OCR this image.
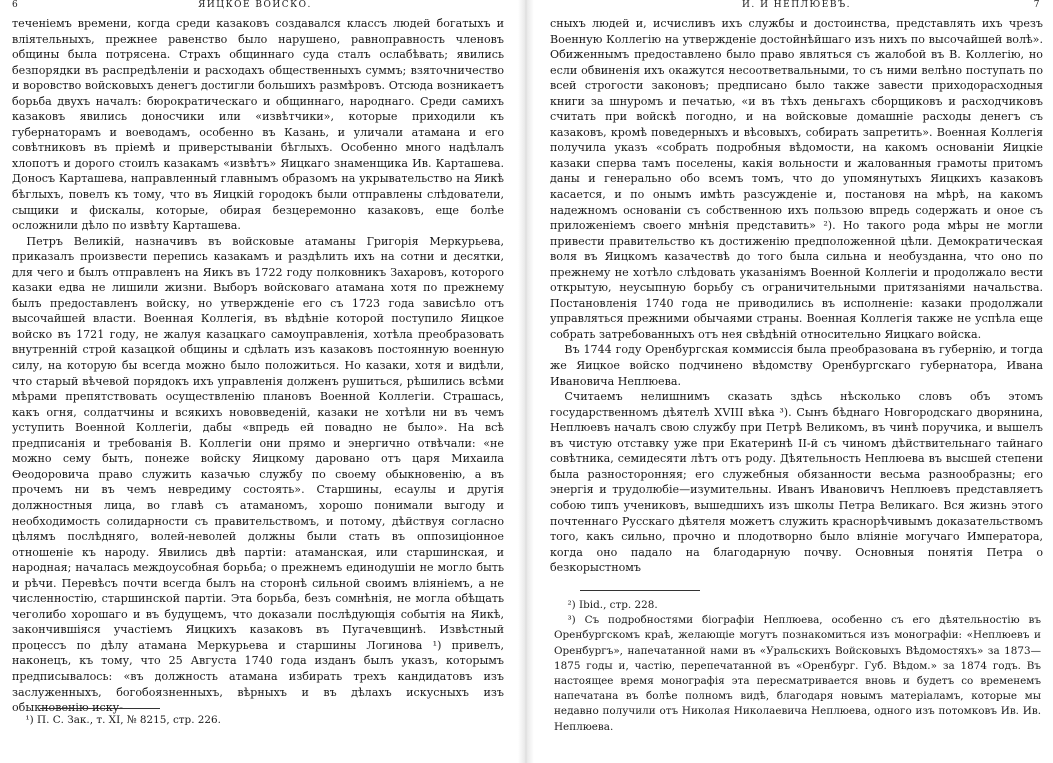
6	ЯИЦКОЕ ВОЙСКО.

теченіемъ времени, когда среди казаковъ создавался классъ людей богатыхъ и вліятельныхъ, прежнее равенство было нарушено, равноправность членовъ общины была потрясена. Страхъ общиннаго суда сталъ ослабѣвать; явились безпорядки въ распредѣленіи и расходахъ общественныхъ суммъ; взяточничество и воровство войсковыхъ денегъ достигли большихъ размѣровъ. Отсюда возникаетъ борьба двухъ началъ: бюрократическаго и общиннаго, народнаго. Среди самихъ казаковъ явились доносчики или «извѣтчики», которые приходили къ губернаторамъ и воеводамъ, особенно въ Казань, и уличали атамана и его совѣтниковъ въ пріемѣ и приверстываніи бѣглыхъ. Особенно много надѣлалъ хлопотъ и дорого стоилъ казакамъ «извѣтъ» Яицкаго знаменщика Ив. Карташева. Доносъ Карташева, направленный главнымъ образомъ на укрывательство на Яикѣ бѣглыхъ, повелъ къ тому, что въ Яицкій городокъ были отправлены слѣдователи, сыщики и фискалы, которые, обирая безцеремонно казаковъ, еще болѣе осложнили дѣло по извѣту Карташева.

Петръ Великій, назначивъ въ войсковые атаманы Григорія Меркурьева, приказалъ произвести перепись казакамъ и раздѣлить ихъ на сотни и десятки, для чего и былъ отправленъ на Яикъ въ 1722 году полковникъ Захаровъ, которого казаки едва не лишили жизни. Выборъ войсковаго атамана хотя по прежнему былъ предоставленъ войску, но утвержденіе его съ 1723 года зависѣло отъ высочайшей власти. Военная Коллегія, въ вѣдѣніе которой поступило Яицкое войско въ 1721 году, не жалуя казацкаго самоуправленія, хотѣла преобразовать внутренній строй казацкой общины и сдѣлать изъ казаковъ постоянную военную силу, на которую бы всегда можно было положиться. Но казаки, хотя и видѣли, что старый вѣчевой порядокъ ихъ управленія долженъ рушиться, рѣшились всѣми мѣрами препятствовать осуществленію плановъ Военной Коллегіи. Страшась, какъ огня, солдатчины и всякихъ нововведеній, казаки не хотѣли ни въ чемъ уступить Военной Коллегіи, дабы «впредь ей повадно не было». На всѣ предписанія и требованія В. Коллегіи они прямо и энергично отвѣчали: «не можно сему быть, понеже войску Яицкому даровано отъ царя Михаила Ѳеодоровича право служить казачью службу по своему обыкновенію, а въ прочемъ ни въ чемъ невредиму состоять». Старшины, есаулы и другія должностныя лица, во главѣ съ атаманомъ, хорошо понимали выгоду и необходимость солидарности съ правительствомъ, и потому, дѣйствуя согласно цѣлямъ послѣдняго, волей-неволей должны были стать въ оппозиціонное отношеніе къ народу. Явились двѣ партіи: атаманская, или старшинская, и народная; началась междоусобная борьба; о прежнемъ единодушіи не могло быть и рѣчи. Перевѣсъ почти всегда былъ на сторонѣ сильной своимъ вліяніемъ, а не численностію, старшинской партіи. Эта борьба, безъ сомнѣнія, не могла обѣщать чеголибо хорошаго и въ будущемъ, что доказали послѣдующія событія на Яикѣ, закончившіяся участіемъ Яицкихъ казаковъ въ Пугачевщинѣ. Извѣстный процессъ по дѣлу атамана Меркурьева и старшины Логинова ¹) привелъ, наконецъ, къ тому, что 25 Августа 1740 года изданъ былъ указъ, которымъ предписывалось: «въ должность атамана избирать трехъ кандидатовъ изъ заслуженныхъ, богобоязненныхъ, вѣрныхъ и въ дѣлахъ искусныхъ изъ обыкновенію иску-

¹) П. С. Зак., т. XI, № 8215, стр. 226.

И. И НЕПЛЮЕВЪ.	7

сныхъ людей и, исчисливъ ихъ службы и достоинства, представлять ихъ чрезъ Военную Коллегію на утвержденіе достойнѣйшаго изъ нихъ по высочайшей волѣ». Обиженнымъ предоставлено было право являться съ жалобой въ В. Коллегію, но если обвиненія ихъ окажутся несоответвальными, то съ ними велѣно поступать по всей строгости законовъ; предписано было также завести приходорасходныя книги за шнуромъ и печатью, «и въ тѣхъ деньгахъ сборщиковъ и расходчиковъ считать при войскѣ погодно, и на войсковые домашніе расходы денегъ съ казаковъ, кромѣ поведерныхъ и вѣсовыхъ, собирать запретить». Военная Коллегія получила указъ «собрать подробныя вѣдомости, на какомъ основаніи Яицкіе казаки сперва тамъ поселены, какія вольности и жалованныя грамоты притомъ даны и генерально обо всемъ томъ, что до упомянутыхъ Яицкихъ казаковъ касается, и по онымъ имѣть разсужденіе и, постановя на мѣрѣ, на какомъ надежномъ основаніи съ собственною ихъ пользою впредь содержать и оное съ приложеніемъ своего мнѣнія представить» ²). Но такого рода мѣры не могли привести правительство къ достиженію предположенной цѣли. Демократическая воля въ Яицкомъ казачествѣ до того была сильна и необузданна, что оно по прежнему не хотѣло слѣдовать указаніямъ Военной Коллегіи и продолжало вести открытую, неусыпную борьбу съ ограничительными притязаніями начальства. Постановленія 1740 года не приводились въ исполненіе: казаки продолжали управляться прежними обычаями страны. Военная Коллегія также не успѣла еще собрать затребованныхъ отъ нея свѣдѣній относительно Яицкаго войска.

Въ 1744 году Оренбургская коммиссія была преобразована въ губернію, и тогда же Яицкое войско подчинено вѣдомству Оренбургскаго губернатора, Ивана Ивановича Неплюева.

Считаемъ нелишнимъ сказать здѣсь нѣсколько словъ объ этомъ государственномъ дѣятелѣ XVIII вѣка ³). Сынъ бѣднаго Новгородскаго дворянина, Неплюевъ началъ свою службу при Петрѣ Великомъ, въ чинѣ поручика, и вышелъ въ чистую отставку уже при Екатеринѣ II-й съ чиномъ дѣйствительнаго тайнаго совѣтника, семидесяти лѣтъ отъ роду. Дѣятельность Неплюева въ высшей степени была разносторонняя; его служебныя обязанности весьма разнообразны; его энергія и трудолюбіе—изумительны. Иванъ Ивановичъ Неплюевъ представляетъ собою типъ учениковъ, вышедшихъ изъ школы Петра Великаго. Вся жизнь этого почтеннаго Русскаго дѣятеля можетъ служить краснорѣчивымъ доказательствомъ того, какъ сильно, прочно и плодотворно было вліяніе могучаго Императора, когда оно падало на благодарную почву. Основныя понятія Петра о безкорыстномъ

²) Ibid., стр. 228.

³) Съ подробностями біографіи Неплюева, особенно съ его дѣятельностію въ Оренбургскомъ краѣ, желающіе могутъ познакомиться изъ монографіи: «Неплюевъ и Оренбургъ», напечатанной нами въ «Уральскихъ Войсковыхъ Вѣдомостяхъ» за 1873—1875 годы и, частію, перепечатанной въ «Оренбург. Губ. Вѣдом.» за 1874 годъ. Въ настоящее время монографія эта пересматривается вновь и будетъ со временемъ напечатана въ болѣе полномъ видѣ, благодаря новымъ матеріаламъ, которые мы недавно получили отъ Николая Николаевича Неплюева, одного изъ потомковъ Ив. Ив. Неплюева.
